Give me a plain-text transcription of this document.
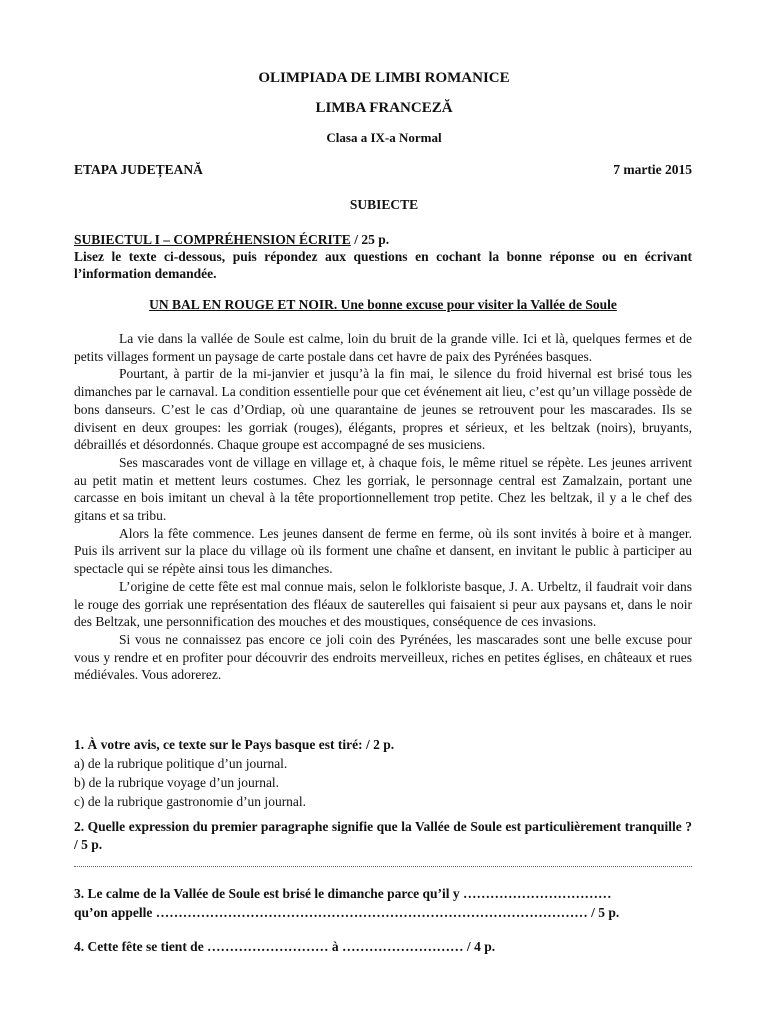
OLIMPIADA DE LIMBI ROMANICE
LIMBA FRANCEZĂ
Clasa a IX-a Normal
ETAPA JUDEȚEANĂ	7 martie 2015
SUBIECTE
SUBIECTUL I – COMPRÉHENSION ÉCRITE / 25 p.
Lisez le texte ci-dessous, puis répondez aux questions en cochant la bonne réponse ou en écrivant l’information demandée.
UN BAL EN ROUGE ET NOIR. Une bonne excuse pour visiter la Vallée de Soule

La vie dans la vallée de Soule est calme, loin du bruit de la grande ville. Ici et là, quelques fermes et de petits villages forment un paysage de carte postale dans cet havre de paix des Pyrénées basques.

Pourtant, à partir de la mi-janvier et jusqu’à la fin mai, le silence du froid hivernal est brisé tous les dimanches par le carnaval. La condition essentielle pour que cet événement ait lieu, c’est qu’un village possède de bons danseurs. C’est le cas d’Ordiap, où une quarantaine de jeunes se retrouvent pour les mascarades. Ils se divisent en deux groupes: les gorriak (rouges), élégants, propres et sérieux, et les beltzak (noirs), bruyants, débraillés et désordonnés. Chaque groupe est accompagné de ses musiciens.

Ses mascarades vont de village en village et, à chaque fois, le même rituel se répète. Les jeunes arrivent au petit matin et mettent leurs costumes. Chez les gorriak, le personnage central est Zamalzain, portant une carcasse en bois imitant un cheval à la tête proportionnellement trop petite. Chez les beltzak, il y a le chef des gitans et sa tribu.

Alors la fête commence. Les jeunes dansent de ferme en ferme, où ils sont invités à boire et à manger. Puis ils arrivent sur la place du village où ils forment une chaîne et dansent, en invitant le public à participer au spectacle qui se répète ainsi tous les dimanches.

L’origine de cette fête est mal connue mais, selon le folkloriste basque, J. A. Urbeltz, il faudrait voir dans le rouge des gorriak une représentation des fléaux de sauterelles qui faisaient si peur aux paysans et, dans le noir des Beltzak, une personnification des mouches et des moustiques, conséquence de ces invasions.

Si vous ne connaissez pas encore ce joli coin des Pyrénées, les mascarades sont une belle excuse pour vous y rendre et en profiter pour découvrir des endroits merveilleux, riches en petites églises, en châteaux et rues médiévales. Vous adorerez.

1. À votre avis, ce texte sur le Pays basque est tiré: / 2 p.
a) de la rubrique politique d’un journal.
b) de la rubrique voyage d’un journal.
c) de la rubrique gastronomie d’un journal.
2. Quelle expression du premier paragraphe signifie que la Vallée de Soule est particulièrement tranquille ? / 5 p.
3. Le calme de la Vallée de Soule est brisé le dimanche parce qu’il y ……………………………
qu’on appelle …………………………………………………………………………………… / 5 p.
4. Cette fête se tient de ……………………… à ……………………… / 4 p.
